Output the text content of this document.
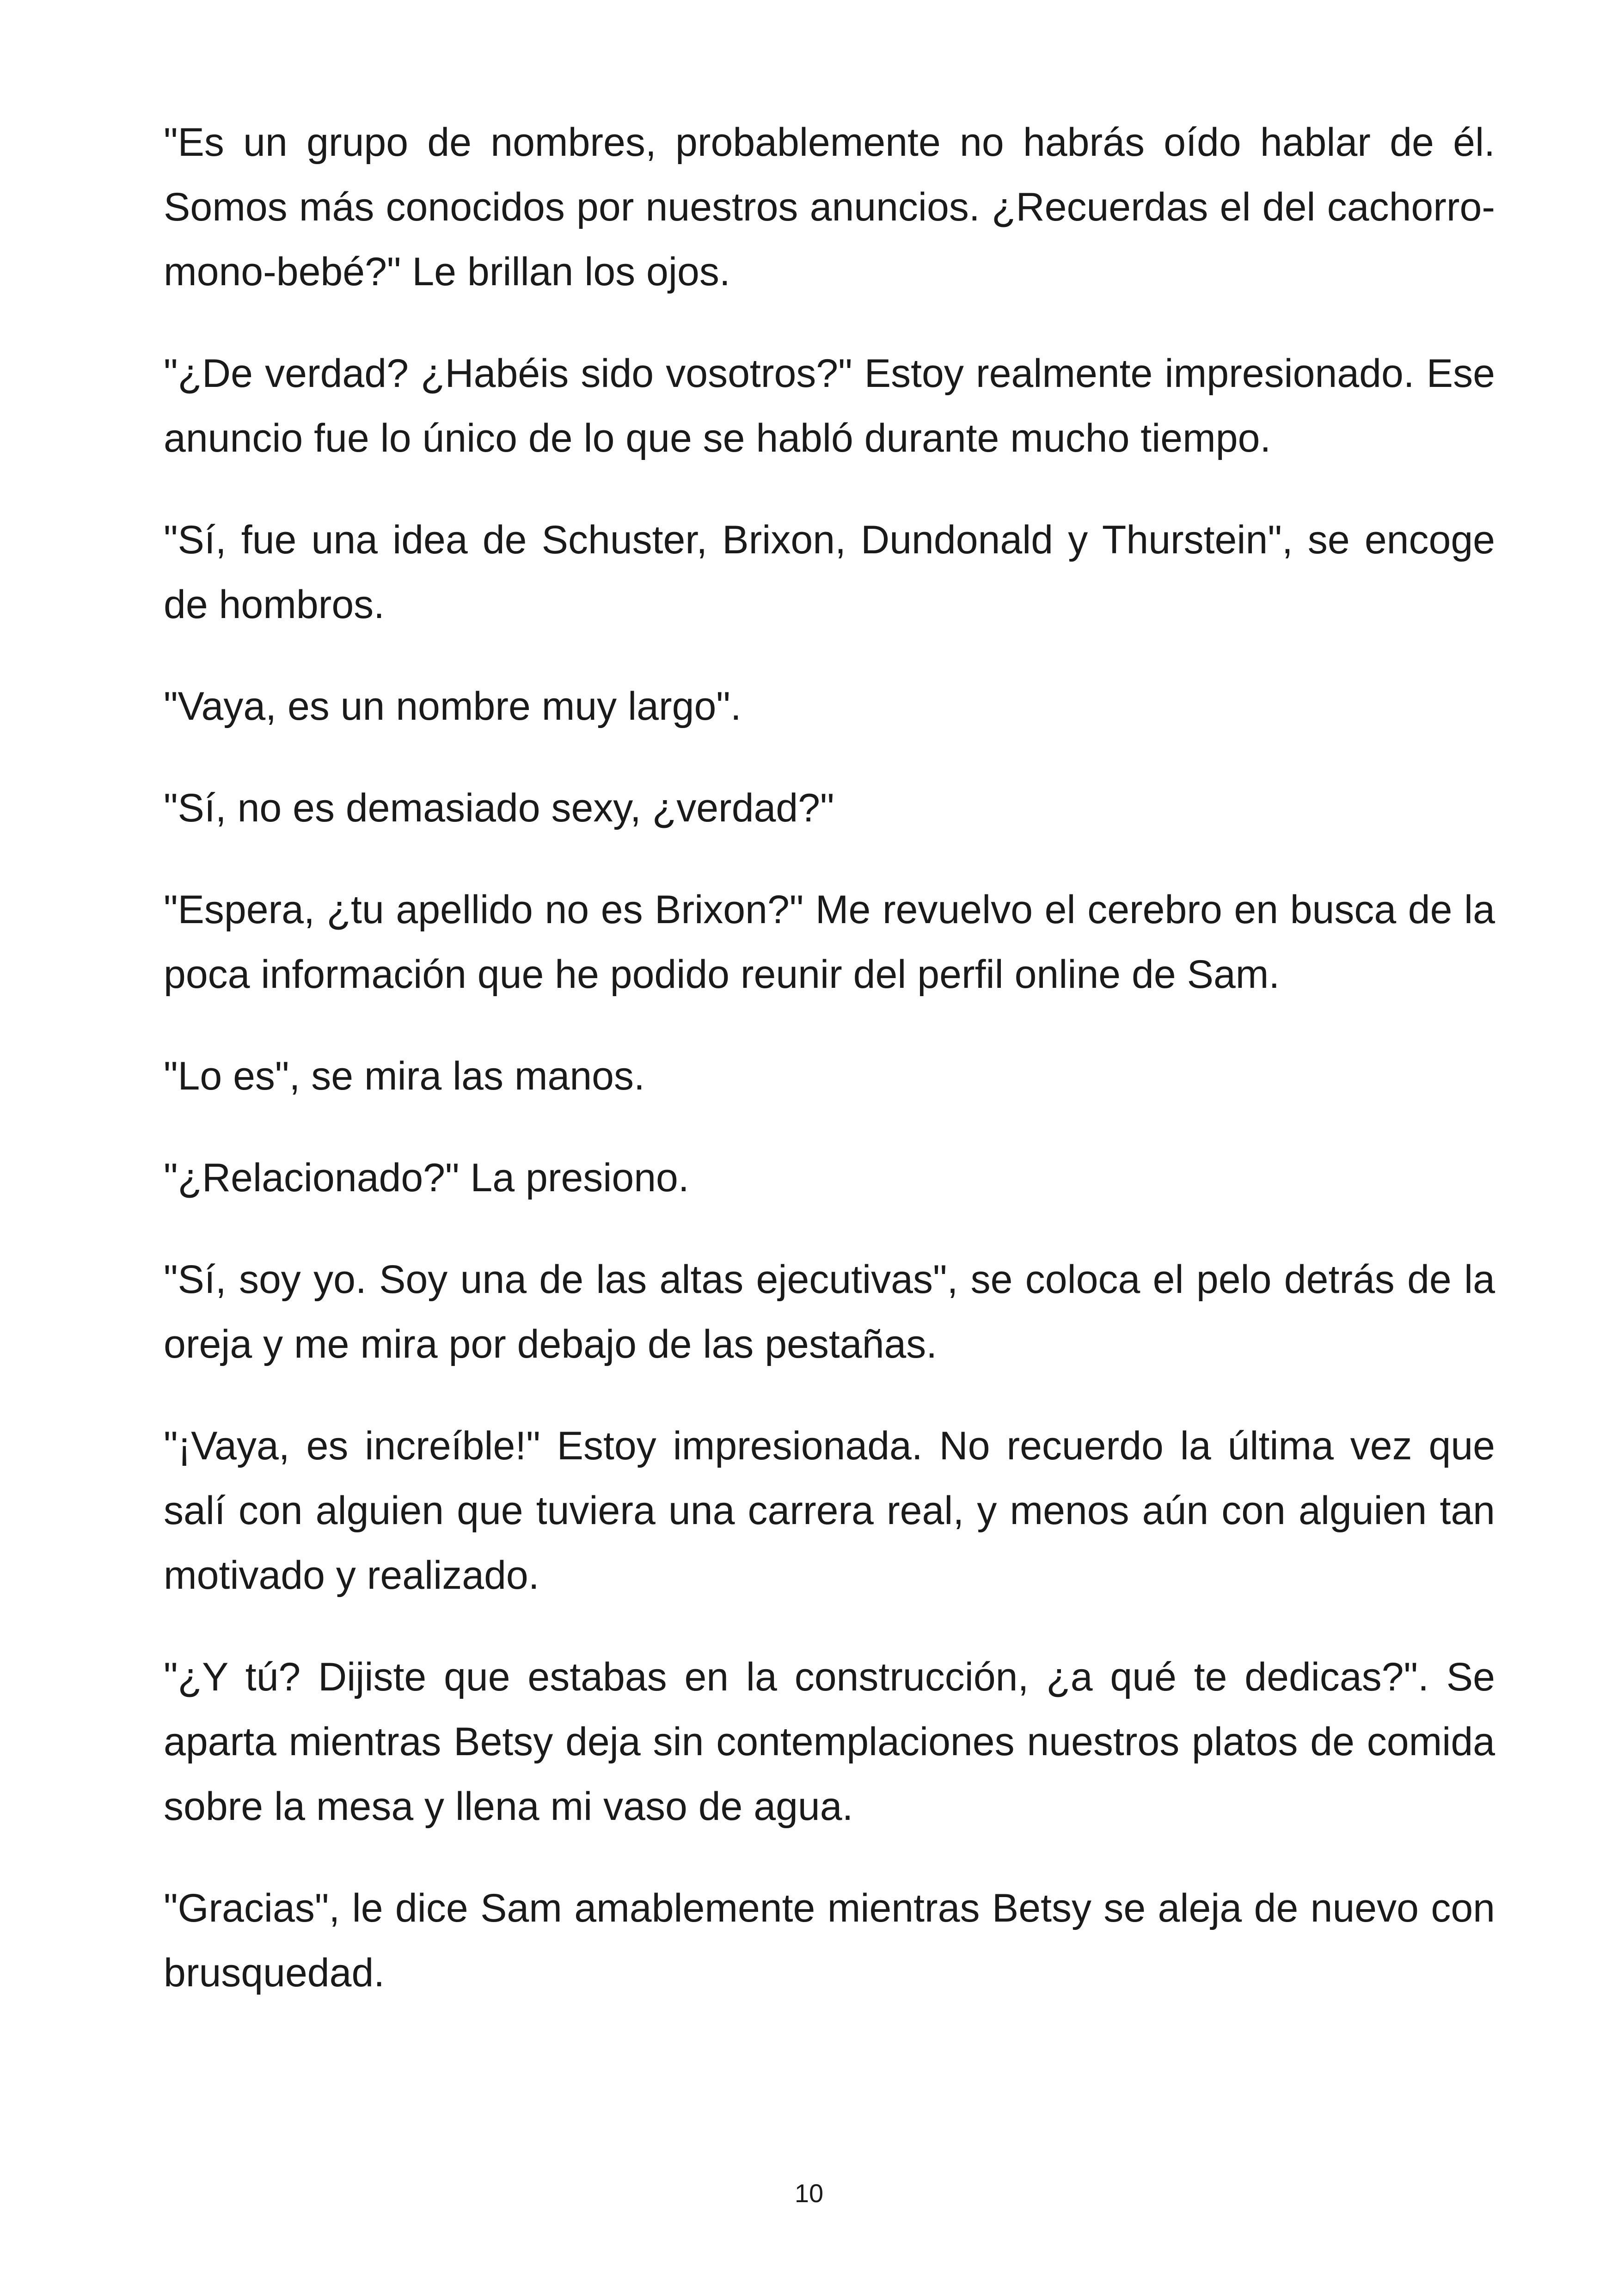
"Es un grupo de nombres, probablemente no habrás oído hablar de él. Somos más conocidos por nuestros anuncios. ¿Recuerdas el del cachorro-mono-bebé?" Le brillan los ojos.

"¿De verdad? ¿Habéis sido vosotros?" Estoy realmente impresionado. Ese anuncio fue lo único de lo que se habló durante mucho tiempo.

"Sí, fue una idea de Schuster, Brixon, Dundonald y Thurstein", se encoge de hombros.

"Vaya, es un nombre muy largo".

"Sí, no es demasiado sexy, ¿verdad?"

"Espera, ¿tu apellido no es Brixon?" Me revuelvo el cerebro en busca de la poca información que he podido reunir del perfil online de Sam.

"Lo es", se mira las manos.

"¿Relacionado?" La presiono.

"Sí, soy yo. Soy una de las altas ejecutivas", se coloca el pelo detrás de la oreja y me mira por debajo de las pestañas.

"¡Vaya, es increíble!" Estoy impresionada. No recuerdo la última vez que salí con alguien que tuviera una carrera real, y menos aún con alguien tan motivado y realizado.

"¿Y tú? Dijiste que estabas en la construcción, ¿a qué te dedicas?". Se aparta mientras Betsy deja sin contemplaciones nuestros platos de comida sobre la mesa y llena mi vaso de agua.

"Gracias", le dice Sam amablemente mientras Betsy se aleja de nuevo con brusquedad.

10
